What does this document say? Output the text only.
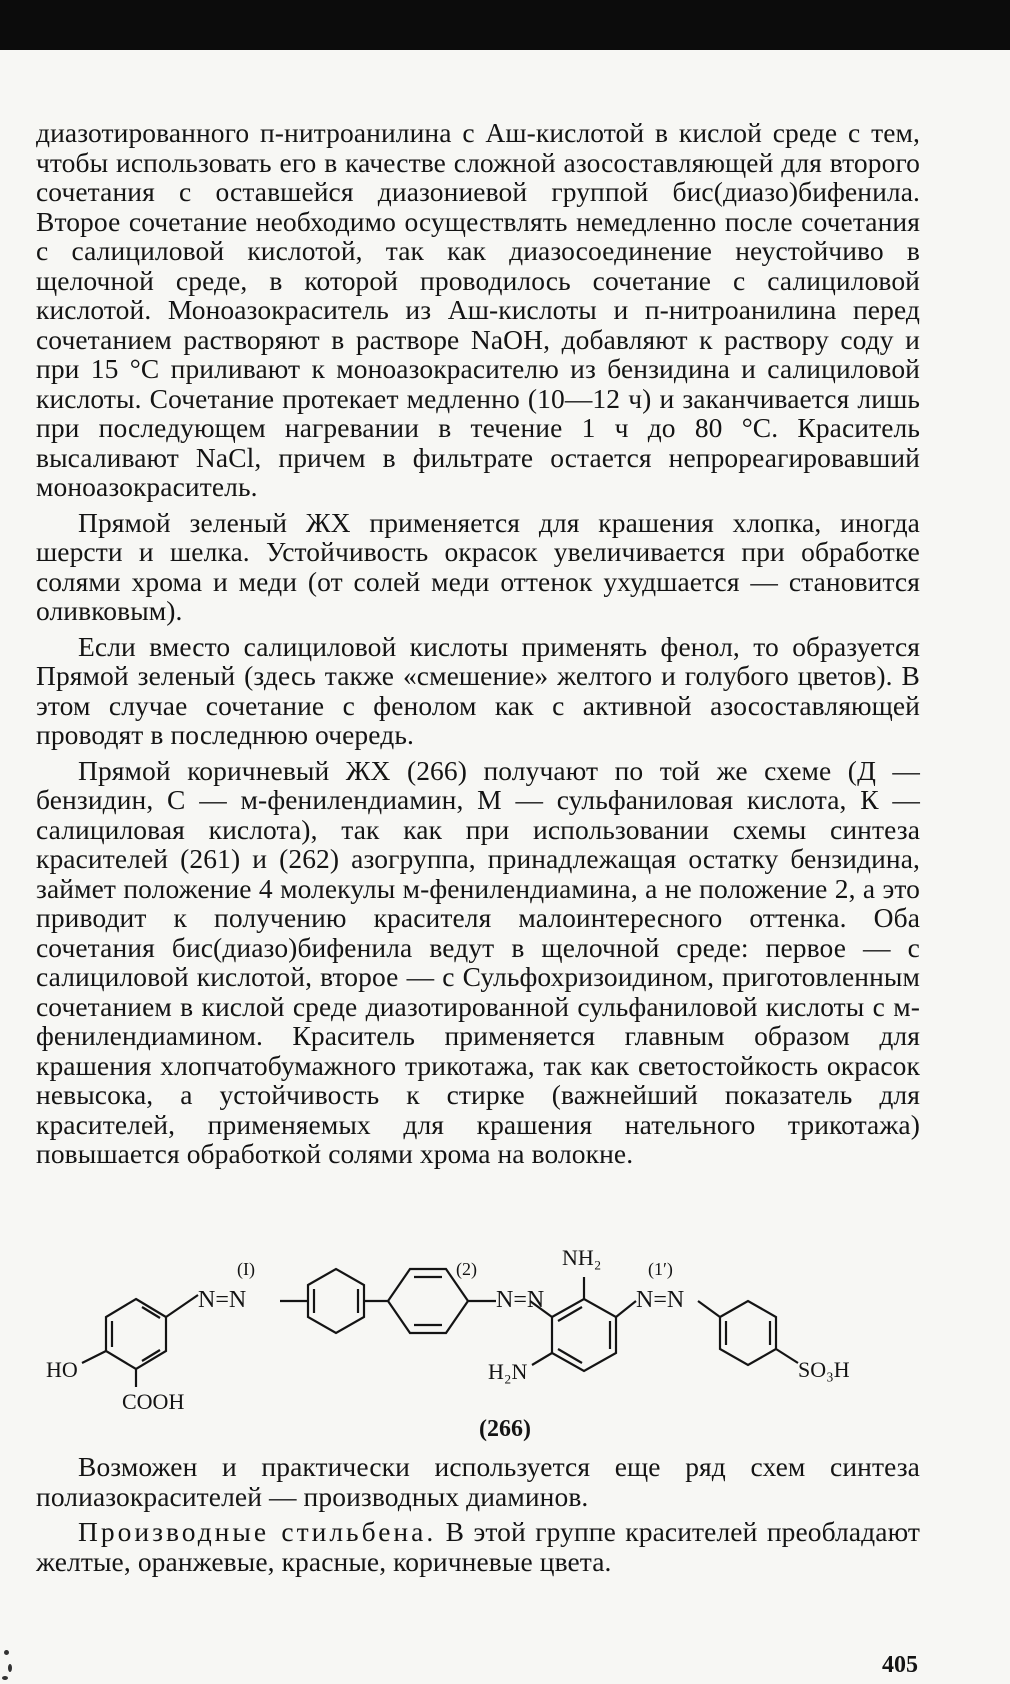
диазотированного п-нитроанилина с Аш-кислотой в кислой среде с тем, чтобы использовать его в качестве сложной азосоставляющей для второго сочетания с оставшейся диазониевой группой бис(диазо)бифенила. Второе сочетание необходимо осуществлять немедленно после сочетания с салициловой кислотой, так как диазосоединение неустойчиво в щелочной среде, в которой проводилось сочетание с салициловой кислотой. Моноазокраситель из Аш-кислоты и п-нитроанилина перед сочетанием растворяют в растворе NaOH, добавляют к раствору соду и при 15 °С приливают к моноазокрасителю из бензидина и салициловой кислоты. Сочетание протекает медленно (10—12 ч) и заканчивается лишь при последующем нагревании в течение 1 ч до 80 °С. Краситель высаливают NaCl, причем в фильтрате остается непрореагировавший моноазокраситель.

Прямой зеленый ЖХ применяется для крашения хлопка, иногда шерсти и шелка. Устойчивость окрасок увеличивается при обработке солями хрома и меди (от солей меди оттенок ухудшается — становится оливковым).

Если вместо салициловой кислоты применять фенол, то образуется Прямой зеленый (здесь также «смешение» желтого и голубого цветов). В этом случае сочетание с фенолом как с активной азосоставляющей проводят в последнюю очередь.

Прямой коричневый ЖХ (266) получают по той же схеме (Д — бензидин, С — м-фенилендиамин, М — сульфаниловая кислота, К — салициловая кислота), так как при использовании схемы синтеза красителей (261) и (262) азогруппа, принадлежащая остатку бензидина, займет положение 4 молекулы м-фенилендиамина, а не положение 2, а это приводит к получению красителя малоинтересного оттенка. Оба сочетания бис(диазо)бифенила ведут в щелочной среде: первое — с салициловой кислотой, второе — с Сульфохризоидином, приготовленным сочетанием в кислой среде диазотированной сульфаниловой кислоты с м-фенилендиамином. Краситель применяется главным образом для крашения хлопчатобумажного трикотажа, так как светостойкость окрасок невысока, а устойчивость к стирке (важнейший показатель для красителей, применяемых для крашения нательного трикотажа) повышается обработкой солями хрома на волокне.

(I)
N=N
(2)
N=N
NH₂	(1′)
N=N
HO
COOH
H₂N	SO₃H
(266)

Возможен и практически используется еще ряд схем синтеза полиазокрасителей — производных диаминов.

Производные стильбена. В этой группе красителей преобладают желтые, оранжевые, красные, коричневые цвета.

405
